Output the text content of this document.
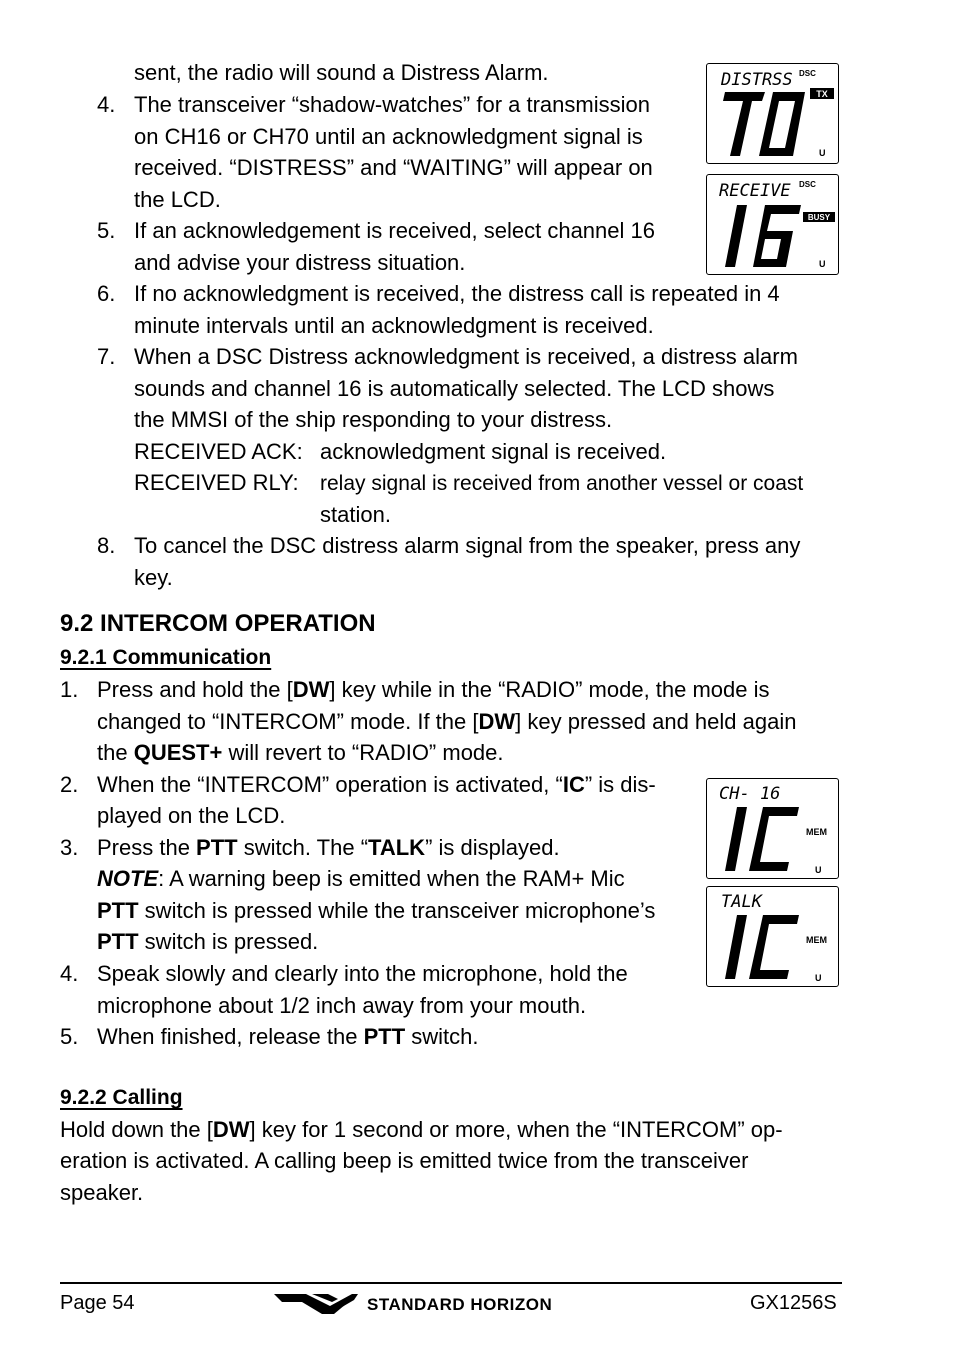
sent, the radio will sound a Distress Alarm.
4. The transceiver “shadow-watches” for a transmission
on CH16 or CH70 until an acknowledgment signal is
received. “DISTRESS” and “WAITING” will appear on
the LCD.
5. If an acknowledgement is received, select channel 16
and advise your distress situation.
6. If no acknowledgment is received, the distress call is repeated in 4
minute intervals until an acknowledgment is received.
7. When a DSC Distress acknowledgment is received, a distress alarm
sounds and channel 16 is automatically selected. The LCD shows
the MMSI of the ship responding to your distress.
RECEIVED ACK: acknowledgment signal is received.
RECEIVED RLY: relay signal is received from another vessel or coast
station.
8. To cancel the DSC distress alarm signal from the speaker, press any
key.
DISTRSS DSC
TX
U
RECEIVE DSC
BUSY
U
CH- 16
MEM
U
TALK
MEM
U
9.2 INTERCOM OPERATION
9.2.1 Communication
1. Press and hold the [DW] key while in the “RADIO” mode, the mode is
changed to “INTERCOM” mode. If the [DW] key pressed and held again
the QUEST+ will revert to “RADIO” mode.
2. When the “INTERCOM” operation is activated, “IC” is dis-
played on the LCD.
3. Press the PTT switch. The “TALK” is displayed.
NOTE: A warning beep is emitted when the RAM+ Mic
PTT switch is pressed while the transceiver microphone’s
PTT switch is pressed.
4. Speak slowly and clearly into the microphone, hold the
microphone about 1/2 inch away from your mouth.
5. When finished, release the PTT switch.
9.2.2 Calling
Hold down the [DW] key for 1 second or more, when the “INTERCOM” op-
eration is activated. A calling beep is emitted twice from the transceiver
speaker.
Page 54	STANDARD HORIZON	GX1256S
